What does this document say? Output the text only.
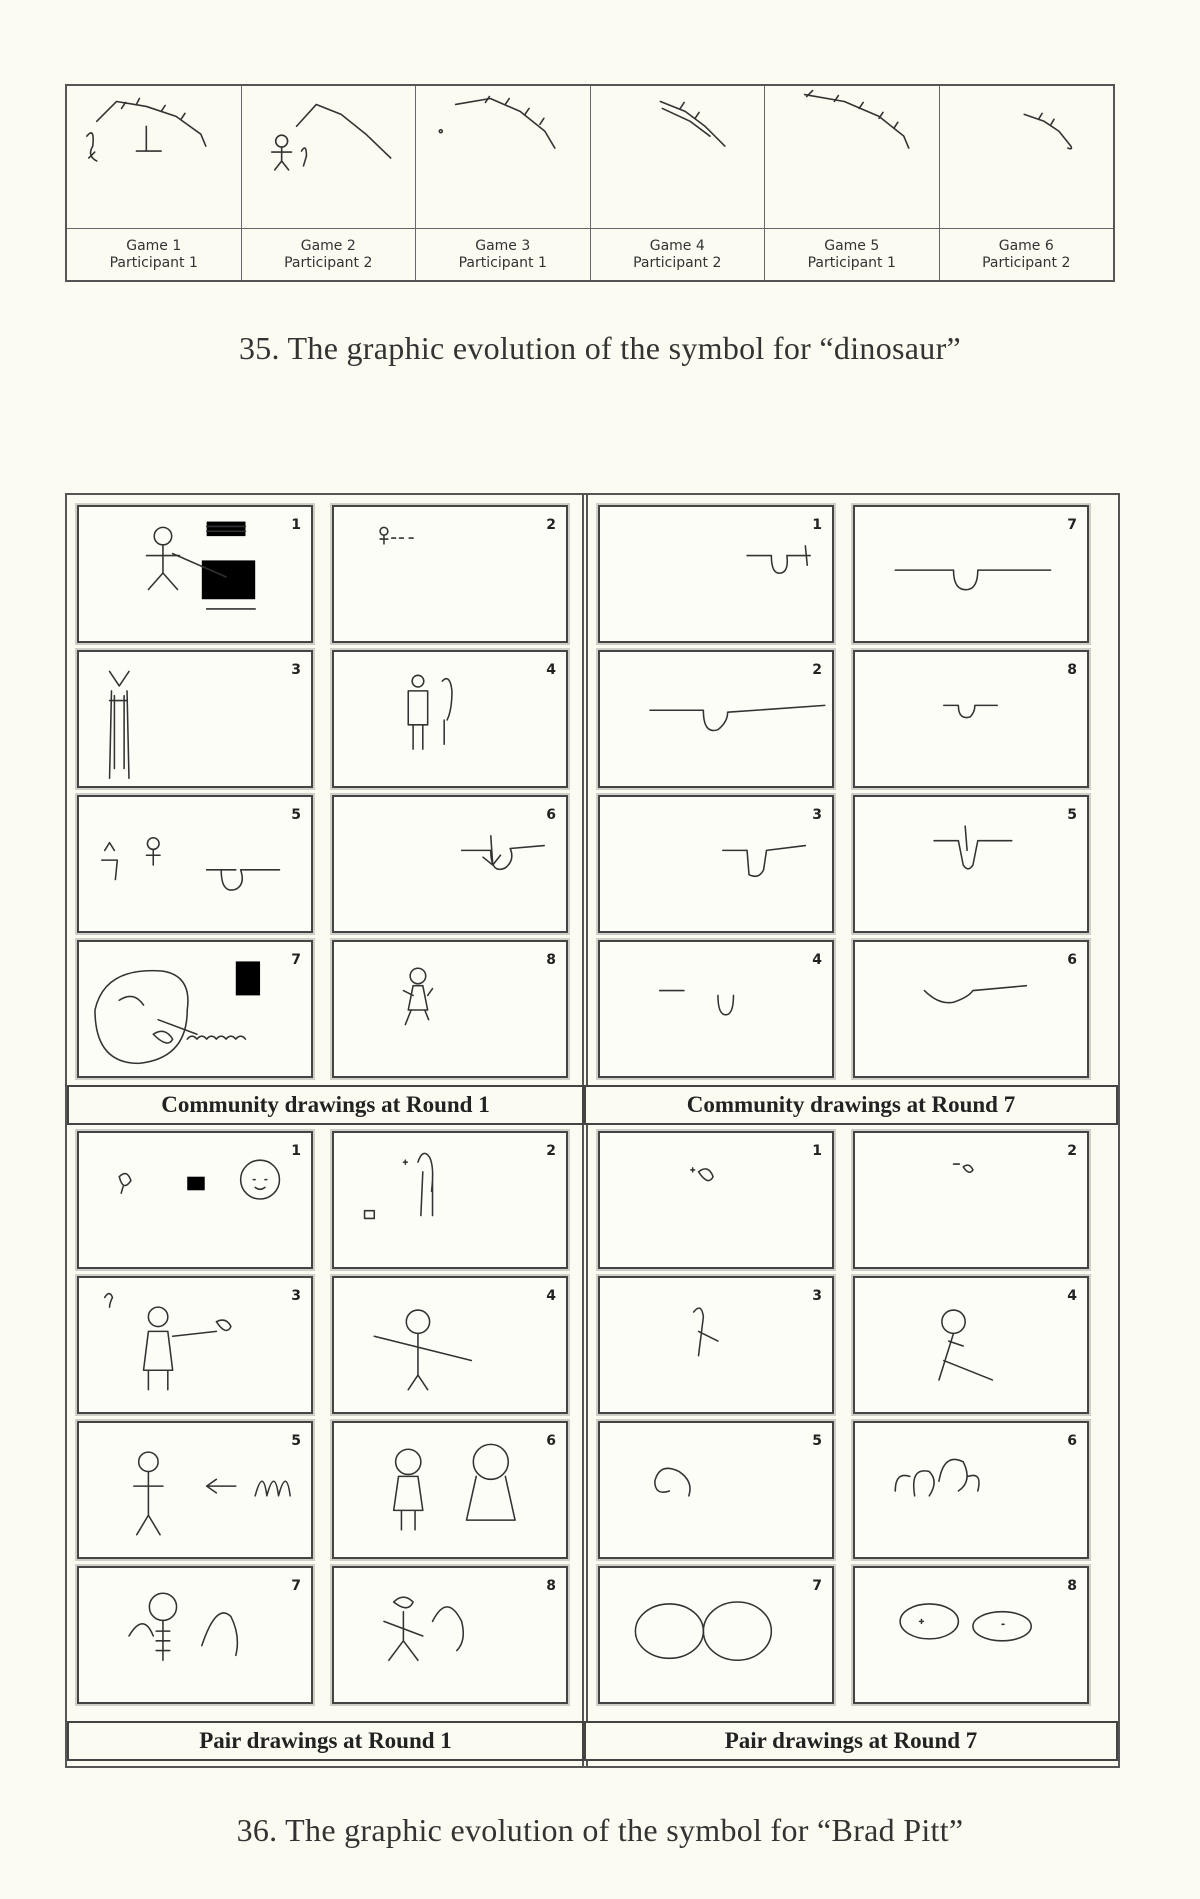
Game 1
Participant 1
Game 2
Participant 2
Game 3
Participant 1
Game 4
Participant 2
Game 5
Participant 1
Game 6
Participant 2
35. The graphic evolution of the symbol for “dinosaur”
1	2
3	4
5	6
7	8
Community drawings at Round 1
1	7
2	8
3	5
4	6
Community drawings at Round 7
1	2
3	4
5	6
7	8
Pair drawings at Round 1
1	2
3	4
5	6
7	8
Pair drawings at Round 7
36. The graphic evolution of the symbol for “Brad Pitt”
